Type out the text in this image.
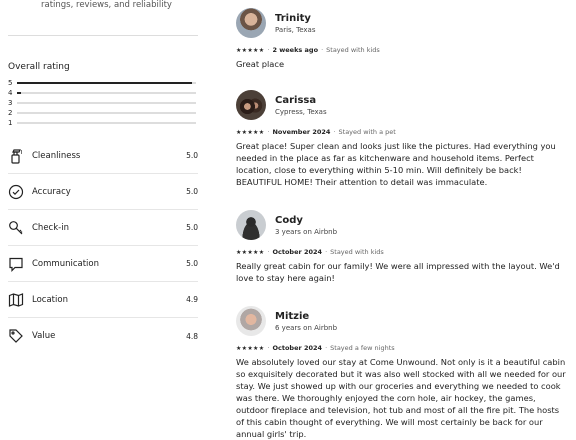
ratings, reviews, and reliability
Overall rating
5
4
3
2
1
Cleanliness	5.0
Accuracy	5.0
Check-in	5.0
Communication	5.0
Location	4.9
Value	4.8
Trinity
Paris, Texas
★★★★★ · 2 weeks ago · Stayed with kids
Great place
Carissa
Cypress, Texas
★★★★★ · November 2024 · Stayed with a pet
Great place! Super clean and looks just like the pictures. Had everything you needed in the place as far as kitchenware and household items. Perfect location, close to everything within 5-10 min. Will definitely be back! BEAUTIFUL HOME! Their attention to detail was immaculate.
Cody
3 years on Airbnb
★★★★★ · October 2024 · Stayed with kids
Really great cabin for our family! We were all impressed with the layout. We'd love to stay here again!
Mitzie
6 years on Airbnb
★★★★★ · October 2024 · Stayed a few nights
We absolutely loved our stay at Come Unwound. Not only is it a beautiful cabin so exquisitely decorated but it was also well stocked with all we needed for our stay. We just showed up with our groceries and everything we needed to cook was there. We thoroughly enjoyed the corn hole, air hockey, the games, outdoor fireplace and television, hot tub and most of all the fire pit. The hosts of this cabin thought of everything. We will most certainly be back for our annual girls' trip.
